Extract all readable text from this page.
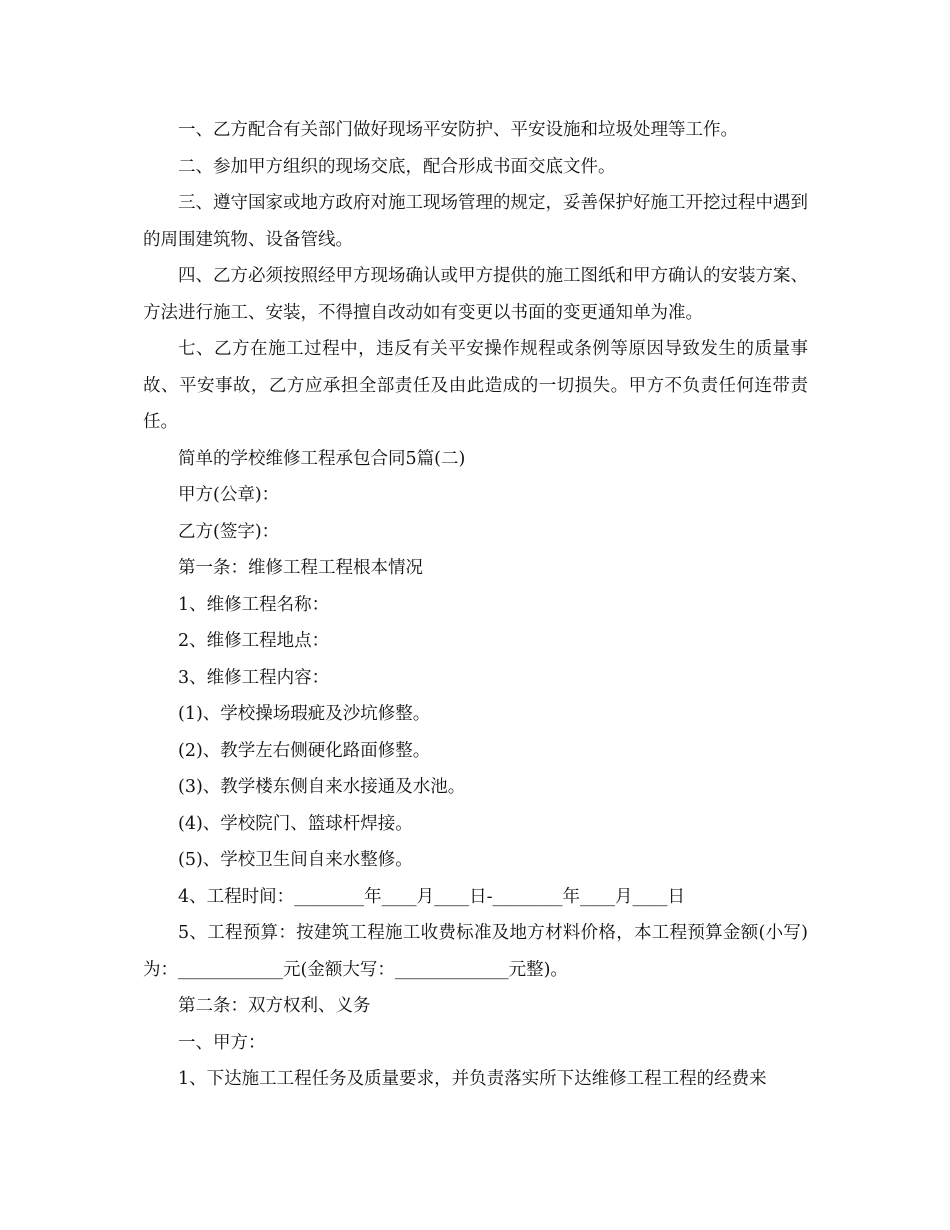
一、乙方配合有关部门做好现场平安防护、平安设施和垃圾处理等工作。

二、参加甲方组织的现场交底，配合形成书面交底文件。

三、遵守国家或地方政府对施工现场管理的规定，妥善保护好施工开挖过程中遇到的周围建筑物、设备管线。

四、乙方必须按照经甲方现场确认或甲方提供的施工图纸和甲方确认的安装方案、方法进行施工、安装，不得擅自改动如有变更以书面的变更通知单为准。

七、乙方在施工过程中，违反有关平安操作规程或条例等原因导致发生的质量事故、平安事故，乙方应承担全部责任及由此造成的一切损失。甲方不负责任何连带责任。

简单的学校维修工程承包合同5篇(二)

甲方(公章)：

乙方(签字)：

第一条：维修工程工程根本情况

1、维修工程名称：

2、维修工程地点：

3、维修工程内容：

(1)、学校操场瑕疵及沙坑修整。

(2)、教学左右侧硬化路面修整。

(3)、教学楼东侧自来水接通及水池。

(4)、学校院门、篮球杆焊接。

(5)、学校卫生间自来水整修。

4、工程时间：________年____月____日-________年____月____日

5、工程预算：按建筑工程施工收费标准及地方材料价格，本工程预算金额(小写)为：____________元(金额大写：_____________元整)。

第二条：双方权利、义务

一、甲方：

1、下达施工工程任务及质量要求，并负责落实所下达维修工程工程的经费来
